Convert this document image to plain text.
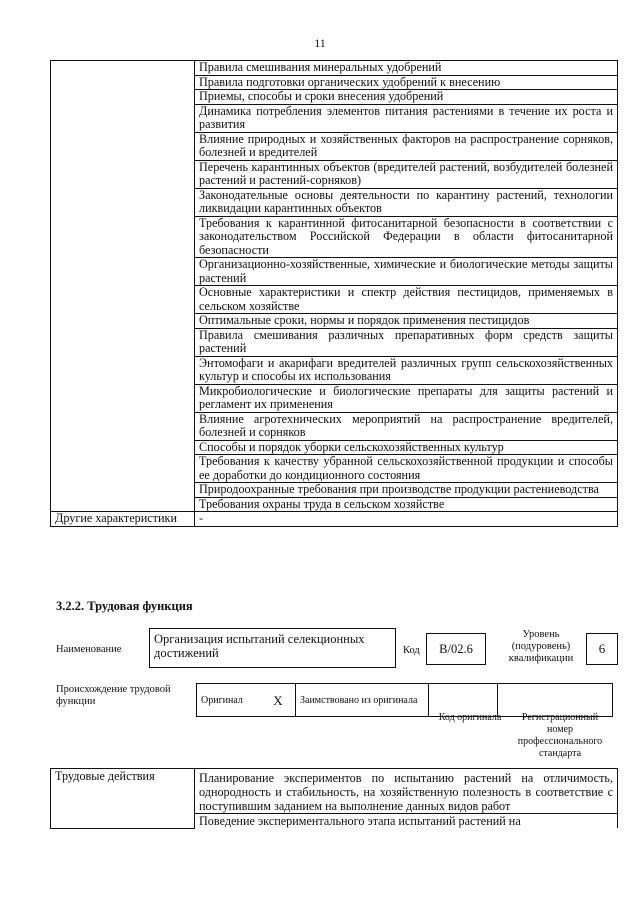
11
	Правила смешивания минеральных удобрений
	Правила подготовки органических удобрений к внесению
	Приемы, способы и сроки внесения удобрений
	Динамика потребления элементов питания растениями в течение их роста и развития
	Влияние природных и хозяйственных факторов на распространение сорняков, болезней и вредителей
	Перечень карантинных объектов (вредителей растений, возбудителей болезней растений и растений-сорняков)
	Законодательные основы деятельности по карантину растений, технологии ликвидации карантинных объектов
	Требования к карантинной фитосанитарной безопасности в соответствии с законодательством Российской Федерации в области фитосанитарной безопасности
	Организационно-хозяйственные, химические и биологические методы защиты растений
	Основные характеристики и спектр действия пестицидов, применяемых в сельском хозяйстве
	Оптимальные сроки, нормы и порядок применения пестицидов
	Правила смешивания различных препаративных форм средств защиты растений
	Энтомофаги и акарифаги вредителей различных групп сельскохозяйственных культур и способы их использования
	Микробиологические и биологические препараты для защиты растений и регламент их применения
	Влияние агротехнических мероприятий на распространение вредителей, болезней и сорняков
	Способы и порядок уборки сельскохозяйственных культур
	Требования к качеству убранной сельскохозяйственной продукции и способы ее доработки до кондиционного состояния
	Природоохранные требования при производстве продукции растениеводства
	Требования охраны труда в сельском хозяйстве
Другие характеристики	-
3.2.2. Трудовая функция
Наименование
Организация испытаний селекционных достижений	Код	B/02.6
Уровень (подуровень) квалификации
6
Происхождение трудовой функции	Оригинал	X	Заимствовано из оригинала		
Код оригинала	Регистрационный номер профессионального стандарта
Трудовые действия	Планирование экспериментов по испытанию растений на отличимость, однородность и стабильность, на хозяйственную полезность в соответствие с поступившим заданием на выполнение данных видов работ
Поведение экспериментального этапа испытаний растений на
